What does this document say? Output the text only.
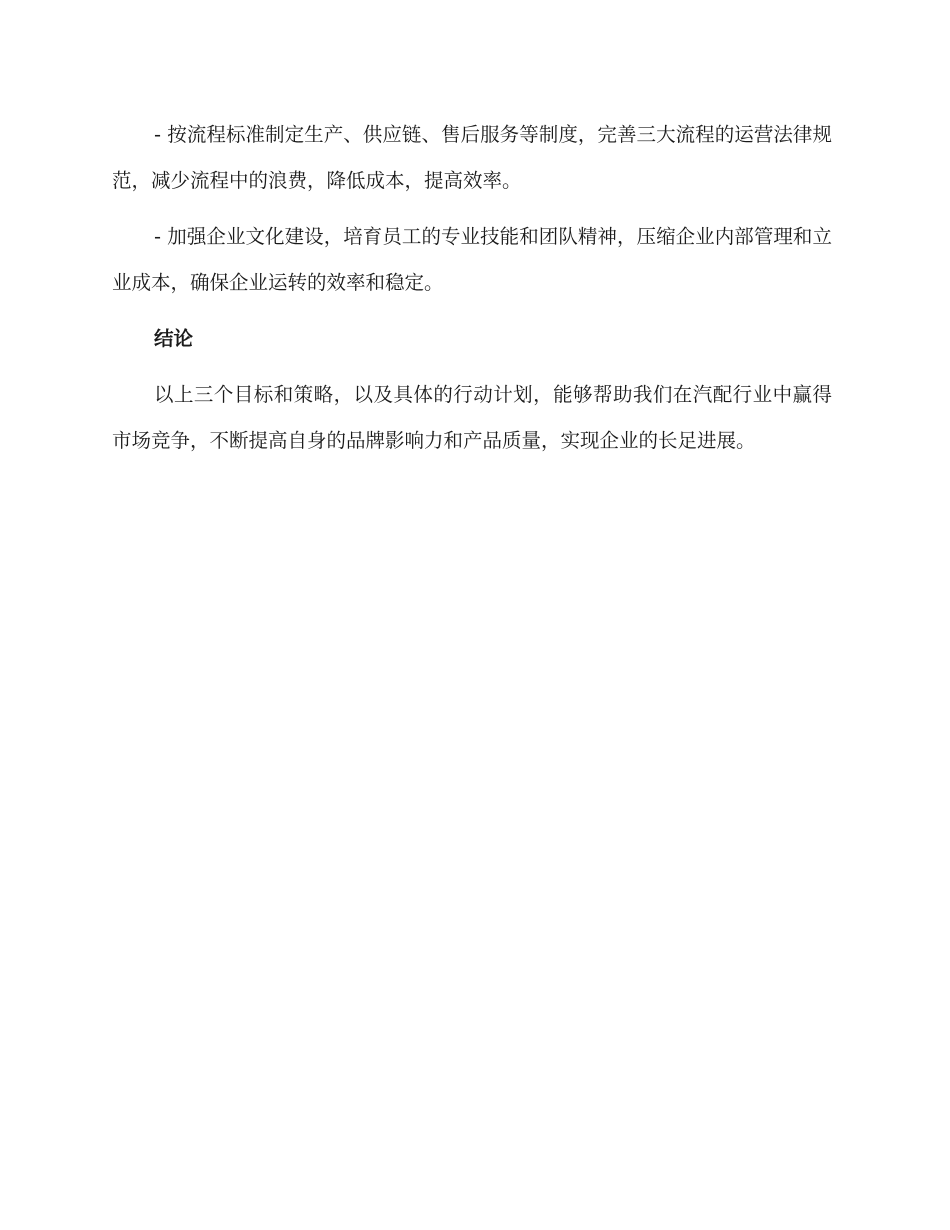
- 按流程标准制定生产、供应链、售后服务等制度，完善三大流程的运营法律规范，减少流程中的浪费，降低成本，提高效率。

- 加强企业文化建设，培育员工的专业技能和团队精神，压缩企业内部管理和立业成本，确保企业运转的效率和稳定。

结论

以上三个目标和策略，以及具体的行动计划，能够帮助我们在汽配行业中赢得市场竞争，不断提高自身的品牌影响力和产品质量，实现企业的长足进展。
